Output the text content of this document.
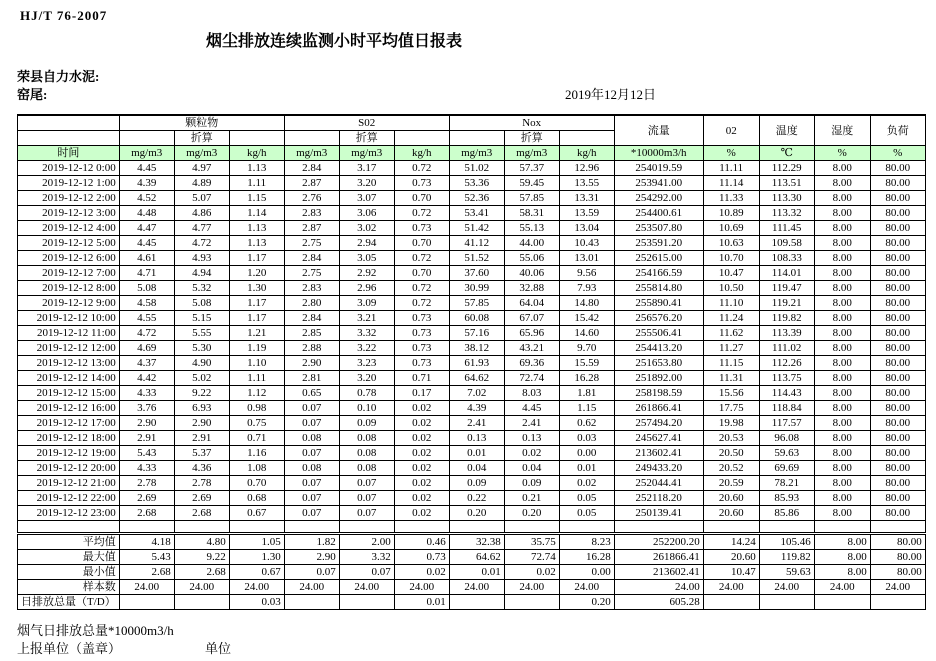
HJ/T 76-2007
烟尘排放连续监测小时平均值日报表
荣县自力水泥:
窑尾:	2019年12月12日
	颗粒物			S02			Nox			流量	02	温度	湿度	负荷
		折算			折算			折算						
时间	mg/m3	mg/m3	kg/h	mg/m3	mg/m3	kg/h	mg/m3	mg/m3	kg/h	*10000m3/h	%	℃	%	%
2019-12-12 0:00	4.45	4.97	1.13	2.84	3.17	0.72	51.02	57.37	12.96	254019.59	11.11	112.29	8.00	80.00
2019-12-12 1:00	4.39	4.89	1.11	2.87	3.20	0.73	53.36	59.45	13.55	253941.00	11.14	113.51	8.00	80.00
2019-12-12 2:00	4.52	5.07	1.15	2.76	3.07	0.70	52.36	57.85	13.31	254292.00	11.33	113.30	8.00	80.00
2019-12-12 3:00	4.48	4.86	1.14	2.83	3.06	0.72	53.41	58.31	13.59	254400.61	10.89	113.32	8.00	80.00
2019-12-12 4:00	4.47	4.77	1.13	2.87	3.02	0.73	51.42	55.13	13.04	253507.80	10.69	111.45	8.00	80.00
2019-12-12 5:00	4.45	4.72	1.13	2.75	2.94	0.70	41.12	44.00	10.43	253591.20	10.63	109.58	8.00	80.00
2019-12-12 6:00	4.61	4.93	1.17	2.84	3.05	0.72	51.52	55.06	13.01	252615.00	10.70	108.33	8.00	80.00
2019-12-12 7:00	4.71	4.94	1.20	2.75	2.92	0.70	37.60	40.06	9.56	254166.59	10.47	114.01	8.00	80.00
2019-12-12 8:00	5.08	5.32	1.30	2.83	2.96	0.72	30.99	32.88	7.93	255814.80	10.50	119.47	8.00	80.00
2019-12-12 9:00	4.58	5.08	1.17	2.80	3.09	0.72	57.85	64.04	14.80	255890.41	11.10	119.21	8.00	80.00
2019-12-12 10:00	4.55	5.15	1.17	2.84	3.21	0.73	60.08	67.07	15.42	256576.20	11.24	119.82	8.00	80.00
2019-12-12 11:00	4.72	5.55	1.21	2.85	3.32	0.73	57.16	65.96	14.60	255506.41	11.62	113.39	8.00	80.00
2019-12-12 12:00	4.69	5.30	1.19	2.88	3.22	0.73	38.12	43.21	9.70	254413.20	11.27	111.02	8.00	80.00
2019-12-12 13:00	4.37	4.90	1.10	2.90	3.23	0.73	61.93	69.36	15.59	251653.80	11.15	112.26	8.00	80.00
2019-12-12 14:00	4.42	5.02	1.11	2.81	3.20	0.71	64.62	72.74	16.28	251892.00	11.31	113.75	8.00	80.00
2019-12-12 15:00	4.33	9.22	1.12	0.65	0.78	0.17	7.02	8.03	1.81	258198.59	15.56	114.43	8.00	80.00
2019-12-12 16:00	3.76	6.93	0.98	0.07	0.10	0.02	4.39	4.45	1.15	261866.41	17.75	118.84	8.00	80.00
2019-12-12 17:00	2.90	2.90	0.75	0.07	0.09	0.02	2.41	2.41	0.62	257494.20	19.98	117.57	8.00	80.00
2019-12-12 18:00	2.91	2.91	0.71	0.08	0.08	0.02	0.13	0.13	0.03	245627.41	20.53	96.08	8.00	80.00
2019-12-12 19:00	5.43	5.37	1.16	0.07	0.08	0.02	0.01	0.02	0.00	213602.41	20.50	59.63	8.00	80.00
2019-12-12 20:00	4.33	4.36	1.08	0.08	0.08	0.02	0.04	0.04	0.01	249433.20	20.52	69.69	8.00	80.00
2019-12-12 21:00	2.78	2.78	0.70	0.07	0.07	0.02	0.09	0.09	0.02	252044.41	20.59	78.21	8.00	80.00
2019-12-12 22:00	2.69	2.69	0.68	0.07	0.07	0.02	0.22	0.21	0.05	252118.20	20.60	85.93	8.00	80.00
2019-12-12 23:00	2.68	2.68	0.67	0.07	0.07	0.02	0.20	0.20	0.05	250139.41	20.60	85.86	8.00	80.00

平均值	4.18	4.80	1.05	1.82	2.00	0.46	32.38	35.75	8.23	252200.20	14.24	105.46	8.00	80.00
最大值	5.43	9.22	1.30	2.90	3.32	0.73	64.62	72.74	16.28	261866.41	20.60	119.82	8.00	80.00
最小值	2.68	2.68	0.67	0.07	0.07	0.02	0.01	0.02	0.00	213602.41	10.47	59.63	8.00	80.00
样本数	24.00	24.00	24.00	24.00	24.00	24.00	24.00	24.00	24.00	24.00	24.00	24.00	24.00	24.00
日排放总量（T/D）			0.03			0.01			0.20	605.28				
烟气日排放总量*10000m3/h
上报单位（盖章）	单位
